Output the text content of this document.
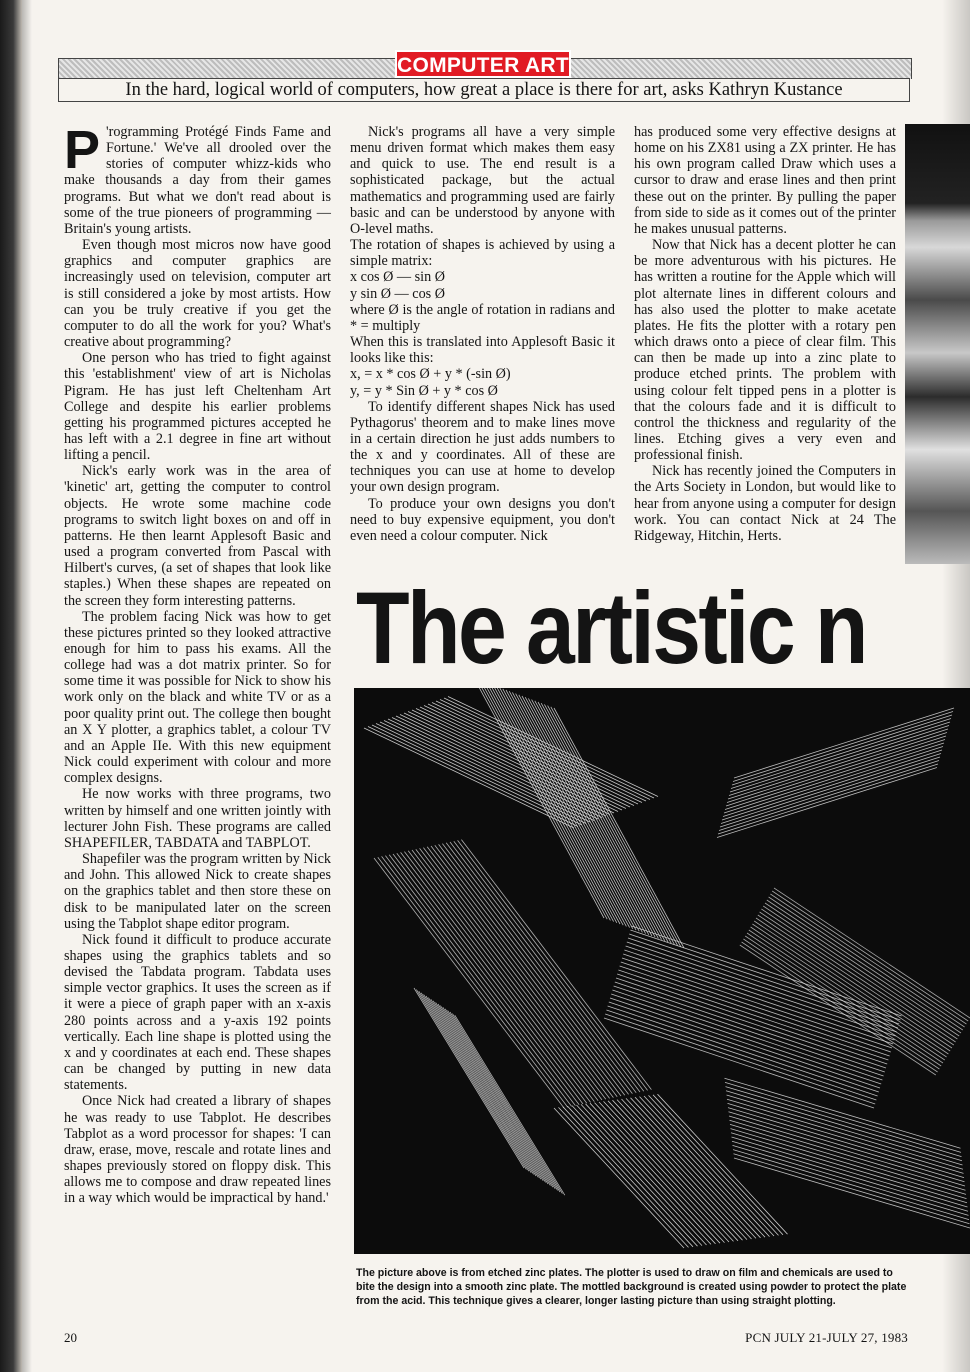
COMPUTER ART
In the hard, logical world of computers, how great a place is there for art, asks Kathryn Kustance

'
P rogramming Protégé Finds Fame and Fortune.' We've all drooled over the stories of computer whizz-kids who make thousands a day from their games programs. But what we don't read about is some of the true pioneers of programming — Britain's young artists.

Even though most micros now have good graphics and computer graphics are increasingly used on television, computer art is still considered a joke by most artists. How can you be truly creative if you get the computer to do all the work for you? What's creative about programming?

One person who has tried to fight against this 'establishment' view of art is Nicholas Pigram. He has just left Cheltenham Art College and despite his earlier problems getting his programmed pictures accepted he has left with a 2.1 degree in fine art without lifting a pencil.

Nick's early work was in the area of 'kinetic' art, getting the computer to control objects. He wrote some machine code programs to switch light boxes on and off in patterns. He then learnt Applesoft Basic and used a program converted from Pascal with Hilbert's curves, (a set of shapes that look like staples.) When these shapes are repeated on the screen they form interesting patterns.

The problem facing Nick was how to get these pictures printed so they looked attractive enough for him to pass his exams. All the college had was a dot matrix printer. So for some time it was possible for Nick to show his work only on the black and white TV or as a poor quality print out. The college then bought an X Y plotter, a graphics tablet, a colour TV and an Apple IIe. With this new equipment Nick could experiment with colour and more complex designs.

He now works with three programs, two written by himself and one written jointly with lecturer John Fish. These programs are called SHAPEFILER, TABDATA and TABPLOT.

Shapefiler was the program written by Nick and John. This allowed Nick to create shapes on the graphics tablet and then store these on disk to be manipulated later on the screen using the Tabplot shape editor program.

Nick found it difficult to produce accurate shapes using the graphics tablets and so devised the Tabdata program. Tabdata uses simple vector graphics. It uses the screen as if it were a piece of graph paper with an x-axis 280 points across and a y-axis 192 points vertically. Each line shape is plotted using the x and y coordinates at each end. These shapes can be changed by putting in new data statements.

Once Nick had created a library of shapes he was ready to use Tabplot. He describes Tabplot as a word processor for shapes: 'I can draw, erase, move, rescale and rotate lines and shapes previously stored on floppy disk. This allows me to compose and draw repeated lines in a way which would be impractical by hand.'

Nick's programs all have a very simple menu driven format which makes them easy and quick to use. The end result is a sophisticated package, but the actual mathematics and programming used are fairly basic and can be understood by anyone with O-level maths.

The rotation of shapes is achieved by using a simple matrix:

x cos Ø — sin Ø

y sin Ø — cos Ø

where Ø is the angle of rotation in radians and * = multiply

When this is translated into Applesoft Basic it looks like this:

x, = x * cos Ø + y * (-sin Ø)

y, = y * Sin Ø + y * cos Ø

To identify different shapes Nick has used Pythagorus' theorem and to make lines move in a certain direction he just adds numbers to the x and y coordinates. All of these are techniques you can use at home to develop your own design program.

To produce your own designs you don't need to buy expensive equipment, you don't even need a colour computer. Nick

has produced some very effective designs at home on his ZX81 using a ZX printer. He has his own program called Draw which uses a cursor to draw and erase lines and then print these out on the printer. By pulling the paper from side to side as it comes out of the printer he makes unusual patterns.

Now that Nick has a decent plotter he can be more adventurous with his pictures. He has written a routine for the Apple which will plot alternate lines in different colours and has also used the plotter to make acetate plates. He fits the plotter with a rotary pen which draws onto a piece of clear film. This can then be made up into a zinc plate to produce etched prints. The problem with using colour felt tipped pens in a plotter is that the colours fade and it is difficult to control the thickness and regularity of the lines. Etching gives a very even and professional finish.

Nick has recently joined the Computers in the Arts Society in London, but would like to hear from anyone using a computer for design work. You can contact Nick at 24 The Ridgeway, Hitchin, Herts.

The artistic n
The picture above is from etched zinc plates. The plotter is used to draw on film and chemicals are used to bite the design into a smooth zinc plate. The mottled background is created using powder to protect the plate from the acid. This technique gives a clearer, longer lasting picture than using straight plotting.
20	PCN JULY 21-JULY 27, 1983
